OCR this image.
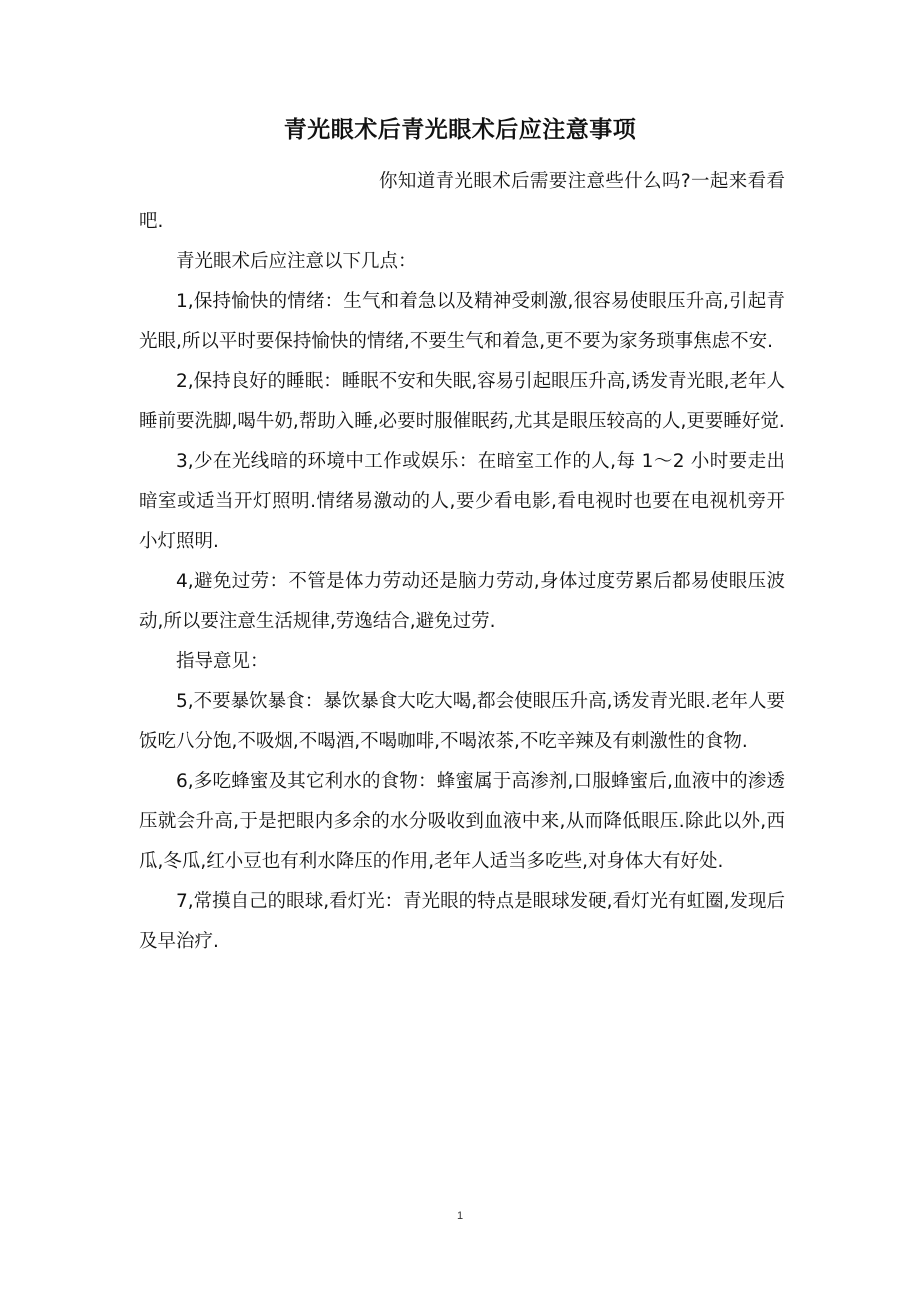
青光眼术后青光眼术后应注意事项

你知道青光眼术后需要注意些什么吗?一起来看看吧.

青光眼术后应注意以下几点：

1,保持愉快的情绪：生气和着急以及精神受刺激,很容易使眼压升高,引起青光眼,所以平时要保持愉快的情绪,不要生气和着急,更不要为家务琐事焦虑不安.

2,保持良好的睡眠：睡眠不安和失眠,容易引起眼压升高,诱发青光眼,老年人睡前要洗脚,喝牛奶,帮助入睡,必要时服催眠药,尤其是眼压较高的人,更要睡好觉.

3,少在光线暗的环境中工作或娱乐：在暗室工作的人,每 1～2 小时要走出暗室或适当开灯照明.情绪易激动的人,要少看电影,看电视时也要在电视机旁开小灯照明.

4,避免过劳：不管是体力劳动还是脑力劳动,身体过度劳累后都易使眼压波动,所以要注意生活规律,劳逸结合,避免过劳.

指导意见：

5,不要暴饮暴食：暴饮暴食大吃大喝,都会使眼压升高,诱发青光眼.老年人要饭吃八分饱,不吸烟,不喝酒,不喝咖啡,不喝浓茶,不吃辛辣及有刺激性的食物.

6,多吃蜂蜜及其它利水的食物：蜂蜜属于高渗剂,口服蜂蜜后,血液中的渗透压就会升高,于是把眼内多余的水分吸收到血液中来,从而降低眼压.除此以外,西瓜,冬瓜,红小豆也有利水降压的作用,老年人适当多吃些,对身体大有好处.

7,常摸自己的眼球,看灯光：青光眼的特点是眼球发硬,看灯光有虹圈,发现后及早治疗.

1
